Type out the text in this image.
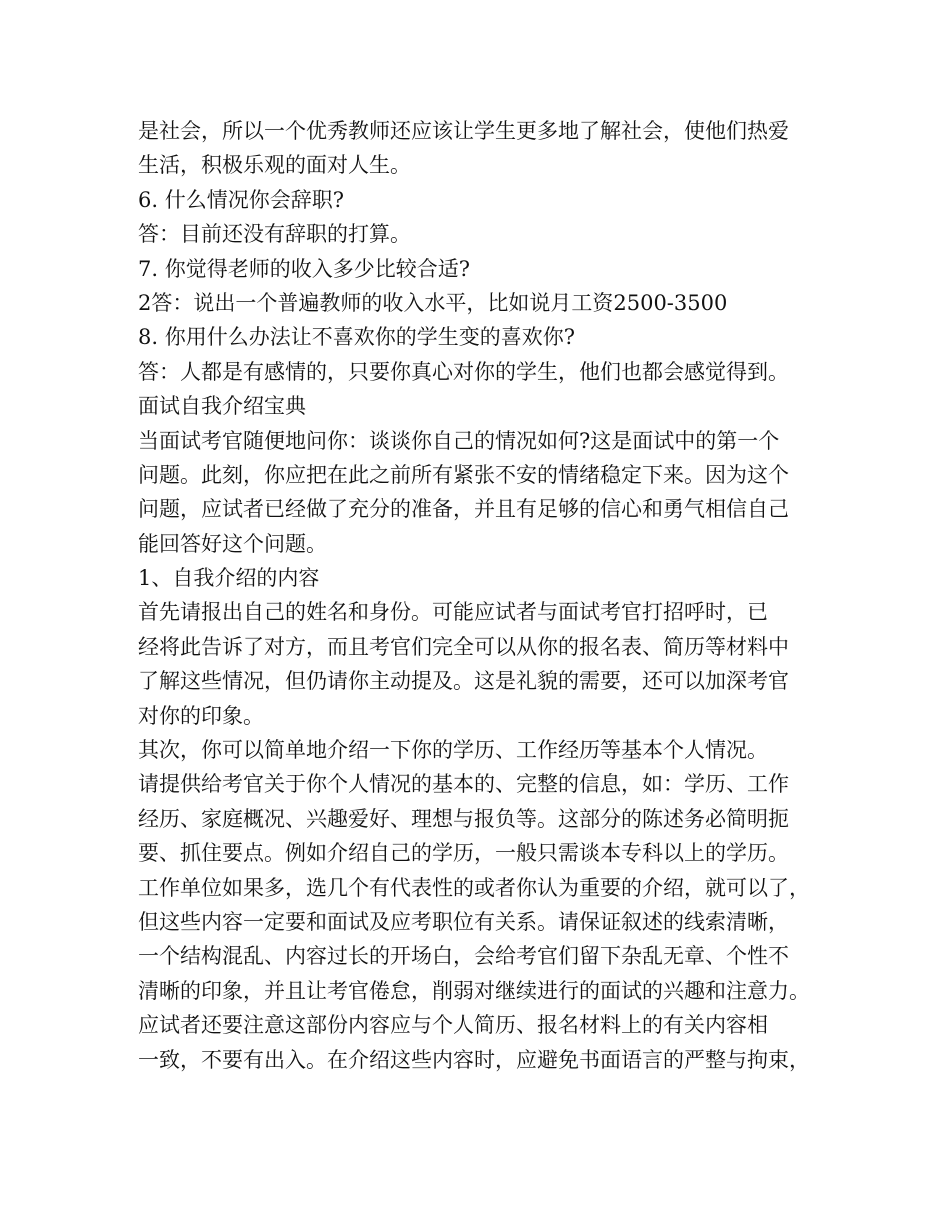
是社会，所以一个优秀教师还应该让学生更多地了解社会，使他们热爱
生活，积极乐观的面对人生。
6. 什么情况你会辞职?
答：目前还没有辞职的打算。
7. 你觉得老师的收入多少比较合适?
2答：说出一个普遍教师的收入水平，比如说月工资2500-3500
8. 你用什么办法让不喜欢你的学生变的喜欢你?
答：人都是有感情的，只要你真心对你的学生，他们也都会感觉得到。
面试自我介绍宝典
当面试考官随便地问你：谈谈你自己的情况如何?这是面试中的第一个
问题。此刻，你应把在此之前所有紧张不安的情绪稳定下来。因为这个
问题，应试者已经做了充分的准备，并且有足够的信心和勇气相信自己
能回答好这个问题。
1、自我介绍的内容
首先请报出自己的姓名和身份。可能应试者与面试考官打招呼时，已
经将此告诉了对方，而且考官们完全可以从你的报名表、简历等材料中
了解这些情况，但仍请你主动提及。这是礼貌的需要，还可以加深考官
对你的印象。
其次，你可以简单地介绍一下你的学历、工作经历等基本个人情况。
请提供给考官关于你个人情况的基本的、完整的信息，如：学历、工作
经历、家庭概况、兴趣爱好、理想与报负等。这部分的陈述务必简明扼
要、抓住要点。例如介绍自己的学历，一般只需谈本专科以上的学历。
工作单位如果多，选几个有代表性的或者你认为重要的介绍，就可以了，
但这些内容一定要和面试及应考职位有关系。请保证叙述的线索清晰，
一个结构混乱、内容过长的开场白，会给考官们留下杂乱无章、个性不
清晰的印象，并且让考官倦怠，削弱对继续进行的面试的兴趣和注意力。
应试者还要注意这部份内容应与个人简历、报名材料上的有关内容相
一致，不要有出入。在介绍这些内容时，应避免书面语言的严整与拘束，
